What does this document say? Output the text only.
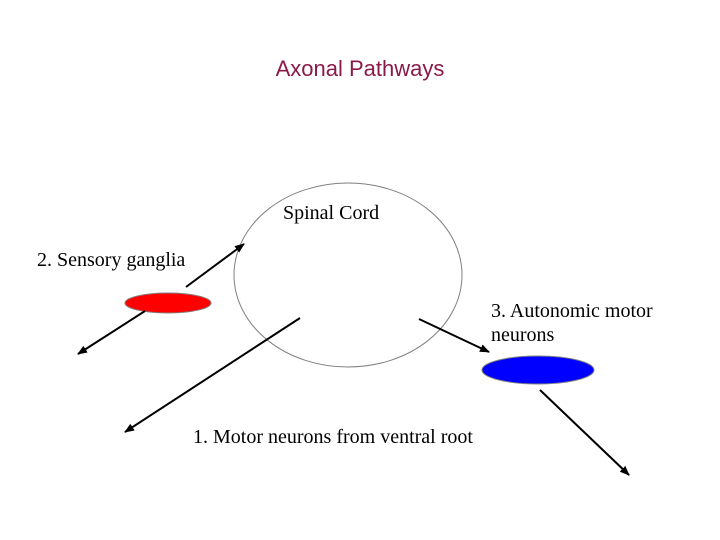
Axonal Pathways
Spinal Cord
2. Sensory ganglia
3. Autonomic motor
neurons
1. Motor neurons from ventral root
